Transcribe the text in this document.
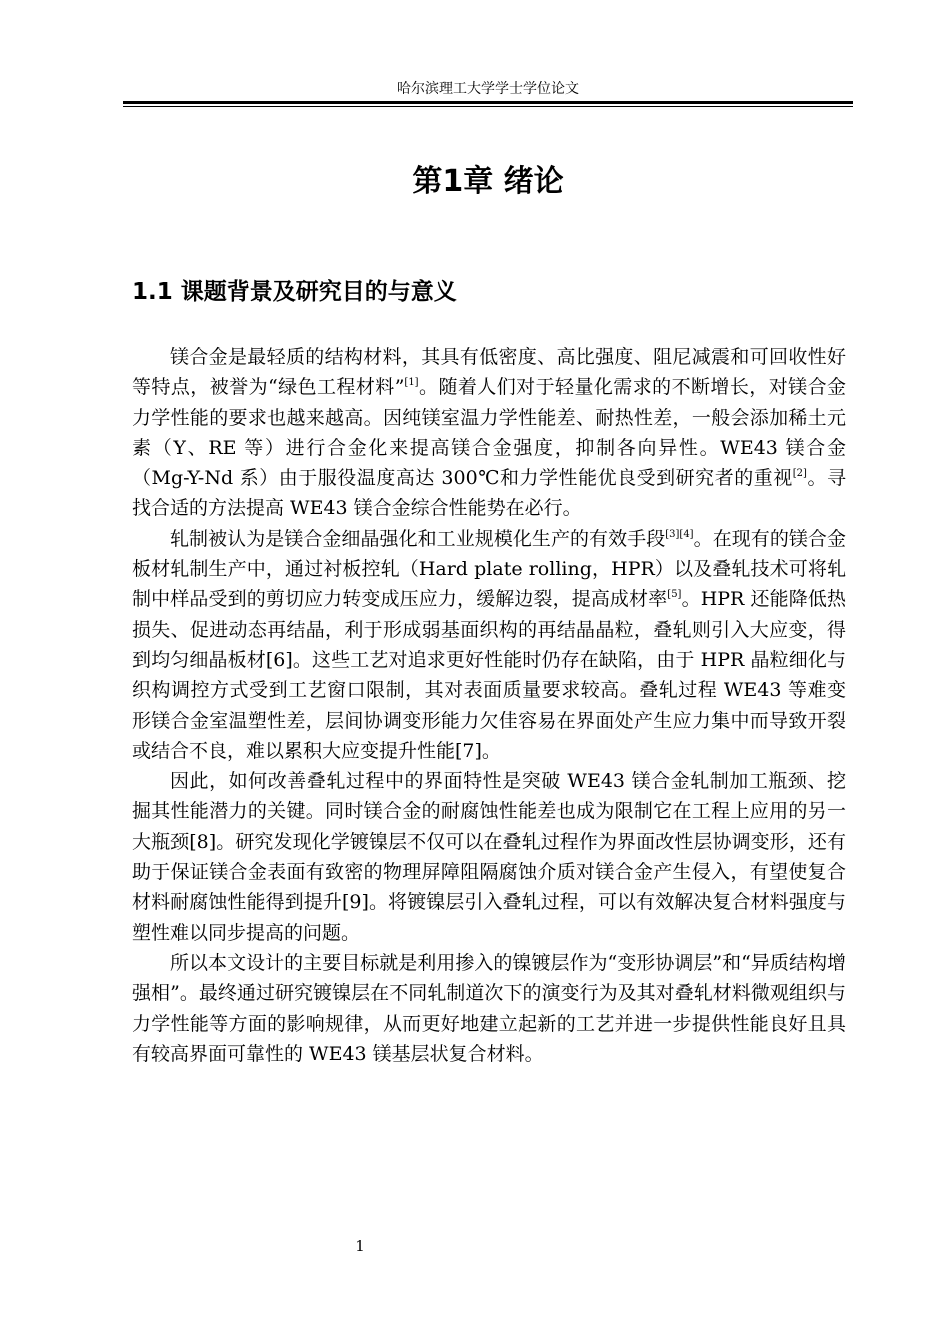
哈尔滨理工大学学士学位论文
第1章 绪论
1.1 课题背景及研究目的与意义

镁合金是最轻质的结构材料，其具有低密度、高比强度、阻尼减震和可回收性好等特点，被誉为“绿色工程材料”[1]。随着人们对于轻量化需求的不断增长，对镁合金力学性能的要求也越来越高。因纯镁室温力学性能差、耐热性差，一般会添加稀土元素（Y、RE 等）进行合金化来提高镁合金强度，抑制各向异性。WE43 镁合金（Mg-Y-Nd 系）由于服役温度高达 300℃和力学性能优良受到研究者的重视[2]。寻找合适的方法提高 WE43 镁合金综合性能势在必行。

轧制被认为是镁合金细晶强化和工业规模化生产的有效手段[3][4]。在现有的镁合金板材轧制生产中，通过衬板控轧（Hard plate rolling，HPR）以及叠轧技术可将轧制中样品受到的剪切应力转变成压应力，缓解边裂，提高成材率[5]。HPR 还能降低热损失、促进动态再结晶，利于形成弱基面织构的再结晶晶粒，叠轧则引入大应变，得到均匀细晶板材[6]。这些工艺对追求更好性能时仍存在缺陷，由于 HPR 晶粒细化与织构调控方式受到工艺窗口限制，其对表面质量要求较高。叠轧过程 WE43 等难变形镁合金室温塑性差，层间协调变形能力欠佳容易在界面处产生应力集中而导致开裂或结合不良，难以累积大应变提升性能[7]。

因此，如何改善叠轧过程中的界面特性是突破 WE43 镁合金轧制加工瓶颈、挖掘其性能潜力的关键。同时镁合金的耐腐蚀性能差也成为限制它在工程上应用的另一大瓶颈[8]。研究发现化学镀镍层不仅可以在叠轧过程作为界面改性层协调变形，还有助于保证镁合金表面有致密的物理屏障阻隔腐蚀介质对镁合金产生侵入，有望使复合材料耐腐蚀性能得到提升[9]。将镀镍层引入叠轧过程，可以有效解决复合材料强度与塑性难以同步提高的问题。

所以本文设计的主要目标就是利用掺入的镍镀层作为“变形协调层”和“异质结构增强相”。最终通过研究镀镍层在不同轧制道次下的演变行为及其对叠轧材料微观组织与力学性能等方面的影响规律，从而更好地建立起新的工艺并进一步提供性能良好且具有较高界面可靠性的 WE43 镁基层状复合材料。

1
